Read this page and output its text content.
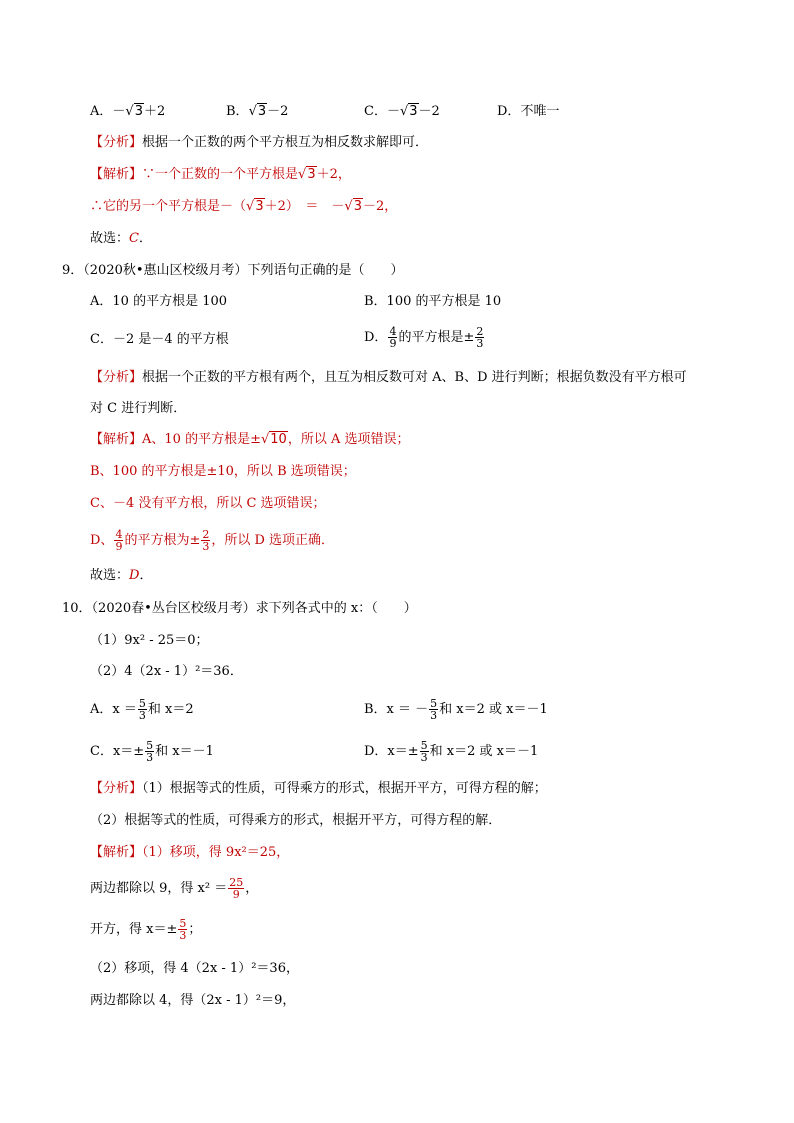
A．－√3＋2	B．√3－2	C．－√3－2	D．不唯一
【分析】根据一个正数的两个平方根互为相反数求解即可．
【解析】∵一个正数的一个平方根是√3＋2，
∴它的另一个平方根是－（√3＋2）　＝　－√3－2，
故选：C．
9．（2020秋•惠山区校级月考）下列语句正确的是（　　）
A．10 的平方根是 100	B．100 的平方根是 10
C．－2 是－4 的平方根	D． $\frac{4}{9}$ 的平方根是± $\frac{2}{3}$
【分析】根据一个正数的平方根有两个，且互为相反数可对 A、B、D 进行判断；根据负数没有平方根可
对 C 进行判断．
【解析】A、10 的平方根是±√10，所以 A 选项错误；
B、100 的平方根是±10，所以 B 选项错误；
C、－4 没有平方根，所以 C 选项错误；
D、 $\frac{4}{9}$ 的平方根为± $\frac{2}{3}$ ，所以 D 选项正确．
故选：D．
10．（2020春•丛台区校级月考）求下列各式中的 x：（　　）
（1）9x² - 25＝0；
（2）4（2x - 1）²＝36．
A．$x = \frac{5}{3}$ 和 x＝2	B．x ＝ － $\frac{5}{3}$ 和 x＝2 或 x＝－1
C．$x=\pm \frac{5}{3}$ 和 x＝－1	D．$x=\pm \frac{5}{3}$ 和 x＝2 或 x＝－1
【分析】（1）根据等式的性质，可得乘方的形式，根据开平方，可得方程的解；
（2）根据等式的性质，可得乘方的形式，根据开平方，可得方程的解．
【解析】（1）移项，得 9x²＝25，
两边都除以 9，得 $x^2 = \frac{25}{9}$ ，
开方，得 $x=\pm \frac{5}{3}$ ；
（2）移项，得 4（2x - 1）²＝36，
两边都除以 4，得（2x - 1）²＝9，
